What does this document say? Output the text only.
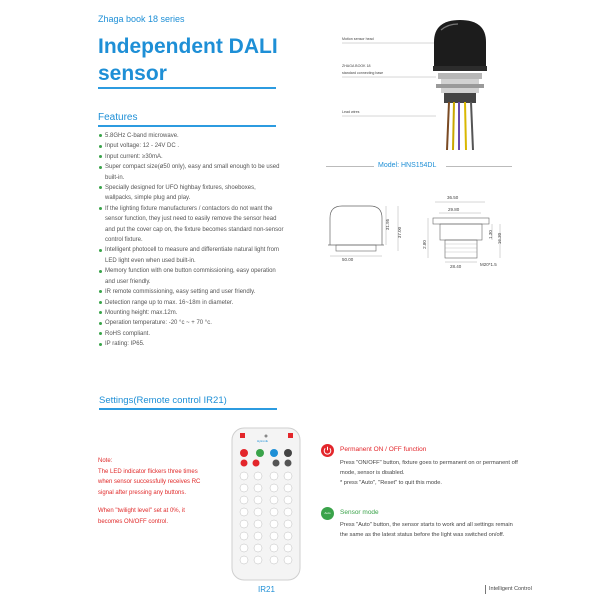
Zhaga book 18 series
Independent DALI
sensor
Motion sensor head
ZHAGA BOOK 18
standard connecting base
Lead wires
Model: HNS154DL
50.00
31.95
37.00
36.50
29.80
2.80
1.30 16.30
28.40	M20*1.5
Features
5.8GHz C-band microwave.
Input voltage: 12 - 24V DC .
Input current: ≥30mA.
Super compact size(ø50 only), easy and small enough to be used built-in.
Specially designed for UFO highbay fixtures, shoeboxes, wallpacks, simple plug and play.
If the lighting fixture manufacturers / contactors do not want the sensor function, they just need to easily remove the sensor head and put the cover cap on, the fixture becomes standard non-sensor control fixture.
Intelligent photocell to measure and differentiate natural light from LED light even when used built-in.
Memory function with one button commissioning, easy operation and user friendly.
IR remote commissioning, easy setting and user friendly.
Detection range up to max. 16~18m in diameter.
Mounting height: max.12m.
Operation temperature: -20 °c ~ + 70 °c.
RoHS compliant.
IP rating: IP65.
Settings(Remote control IR21)
Note:
The LED indicator flickers three times when sensor successfully receives RC signal after pressing any buttons.
When "twilight level" set at 0%, it becomes ON/OFF control.
Hytronik
IR21
Permanent ON / OFF function
Press "ON/OFF" button, fixture goes to permanent on or permanent off mode, sensor is disabled.
* press "Auto", "Reset" to quit this mode.
Auto	Sensor mode
Press "Auto" button, the sensor starts to work and all settings remain the same as the latest status before the light was switched on/off.
Intelligent Control
